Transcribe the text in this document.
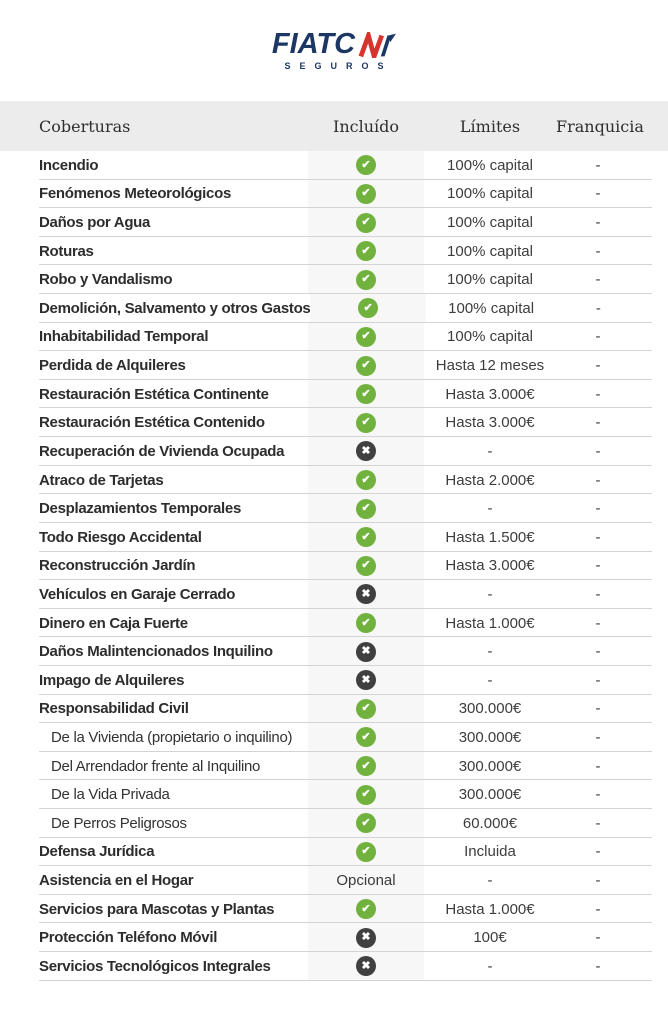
FIATC
SEGUROS
Coberturas	Incluído	Límites	Franquicia
Incendio	✔	100% capital	-
Fenómenos Meteorológicos	✔	100% capital	-
Daños por Agua	✔	100% capital	-
Roturas	✔	100% capital	-
Robo y Vandalismo	✔	100% capital	-
Demolición, Salvamento y otros Gastos	✔	100% capital	-
Inhabitabilidad Temporal	✔	100% capital	-
Perdida de Alquileres	✔	Hasta 12 meses	-
Restauración Estética Continente	✔	Hasta 3.000€	-
Restauración Estética Contenido	✔	Hasta 3.000€	-
Recuperación de Vivienda Ocupada	✖	-	-
Atraco de Tarjetas	✔	Hasta 2.000€	-
Desplazamientos Temporales	✔	-	-
Todo Riesgo Accidental	✔	Hasta 1.500€	-
Reconstrucción Jardín	✔	Hasta 3.000€	-
Vehículos en Garaje Cerrado	✖	-	-
Dinero en Caja Fuerte	✔	Hasta 1.000€	-
Daños Malintencionados Inquilino	✖	-	-
Impago de Alquileres	✖	-	-
Responsabilidad Civil	✔	300.000€	-
De la Vivienda (propietario o inquilino)	✔	300.000€	-
Del Arrendador frente al Inquilino	✔	300.000€	-
De la Vida Privada	✔	300.000€	-
De Perros Peligrosos	✔	60.000€	-
Defensa Jurídica	✔	Incluida	-
Asistencia en el Hogar	Opcional	-	-
Servicios para Mascotas y Plantas	✔	Hasta 1.000€	-
Protección Teléfono Móvil	✖	100€	-
Servicios Tecnológicos Integrales	✖	-	-
